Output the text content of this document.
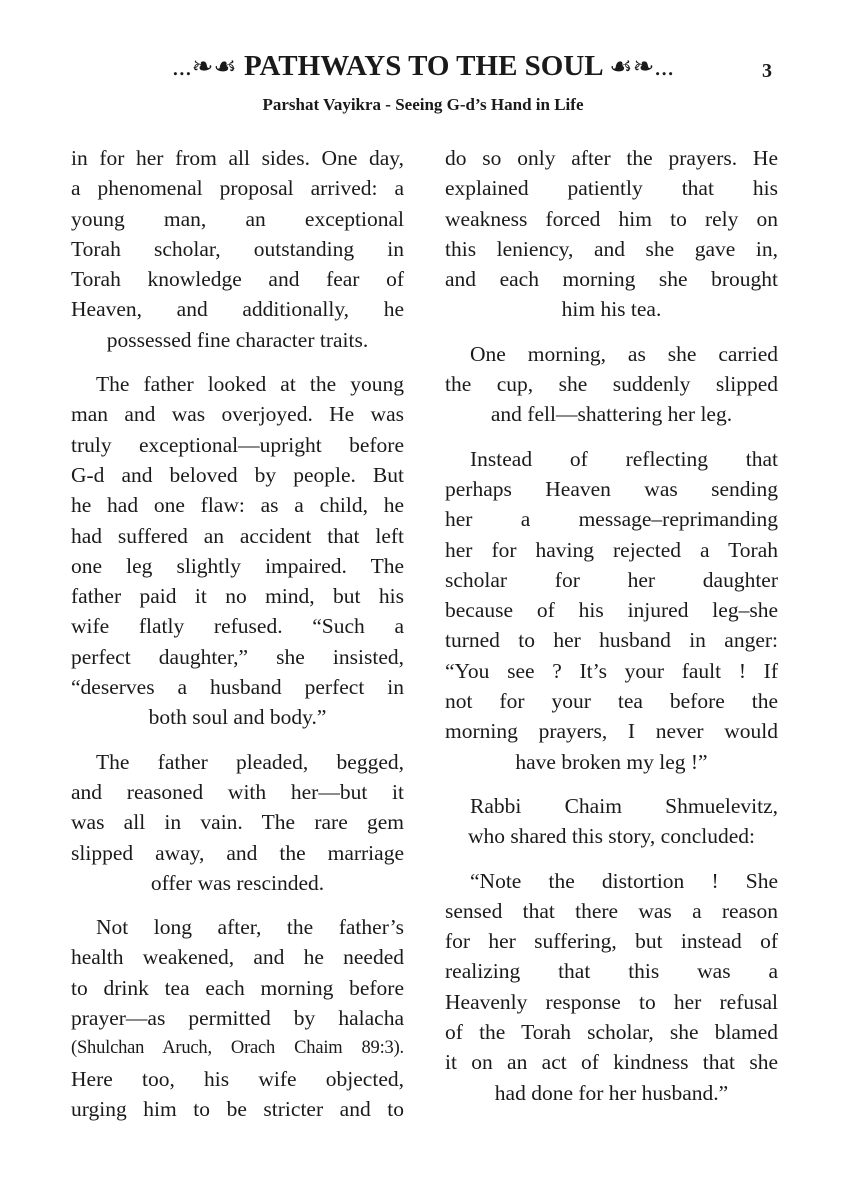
...❧☙ PATHWAYS TO THE SOUL ☙❧...	3
Parshat Vayikra - Seeing G-d’s Hand in Life
in for her from all sides. One day,
a phenomenal proposal arrived: a
young man, an exceptional
Torah scholar, outstanding in
Torah knowledge and fear of
Heaven, and additionally, he
possessed fine character traits.
The father looked at the young
man and was overjoyed. He was
truly exceptional—upright before
G-d and beloved by people. But
he had one flaw: as a child, he
had suffered an accident that left
one leg slightly impaired. The
father paid it no mind, but his
wife flatly refused. “Such a
perfect daughter,” she insisted,
“deserves a husband perfect in
both soul and body.”
The father pleaded, begged,
and reasoned with her—but it
was all in vain. The rare gem
slipped away, and the marriage
offer was rescinded.
Not long after, the father’s
health weakened, and he needed
to drink tea each morning before
prayer—as permitted by halacha
(Shulchan Aruch, Orach Chaim 89:3).
Here too, his wife objected,
urging him to be stricter and to
do so only after the prayers. He
explained patiently that his
weakness forced him to rely on
this leniency, and she gave in,
and each morning she brought
him his tea.
One morning, as she carried
the cup, she suddenly slipped
and fell—shattering her leg.
Instead of reflecting that
perhaps Heaven was sending
her a message–reprimanding
her for having rejected a Torah
scholar for her daughter
because of his injured leg–she
turned to her husband in anger:
“You see ? It’s your fault ! If
not for your tea before the
morning prayers, I never would
have broken my leg !”
Rabbi Chaim Shmuelevitz,
who shared this story, concluded:
“Note the distortion ! She
sensed that there was a reason
for her suffering, but instead of
realizing that this was a
Heavenly response to her refusal
of the Torah scholar, she blamed
it on an act of kindness that she
had done for her husband.”
